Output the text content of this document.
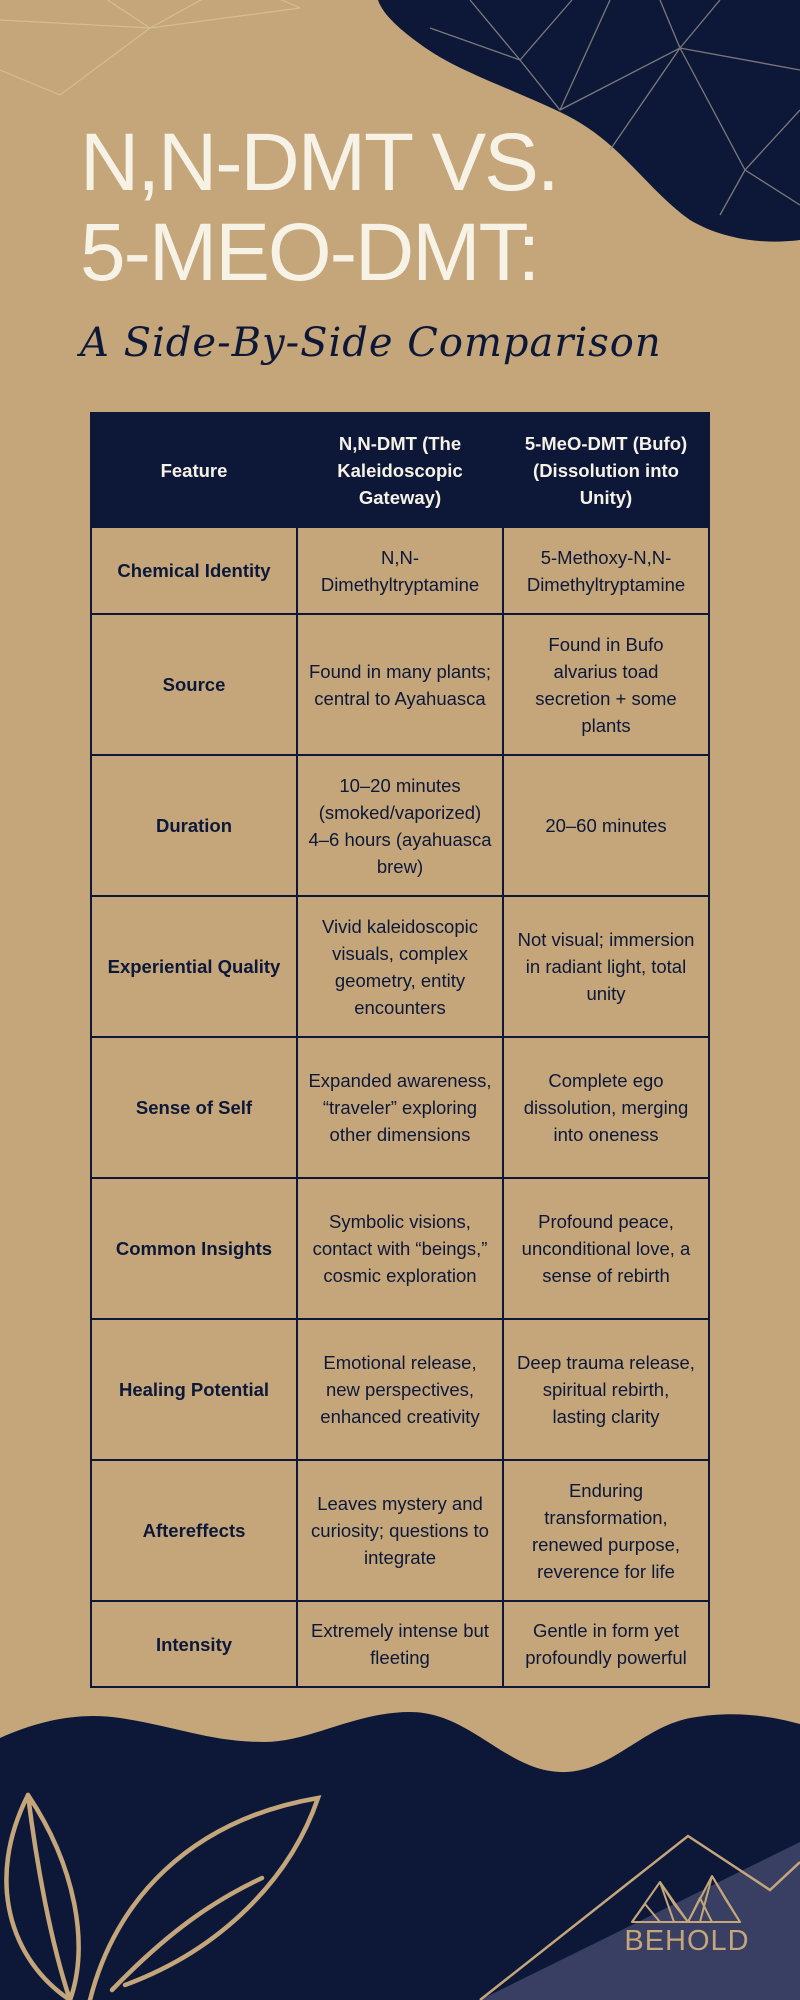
N,N-DMT VS.
5-MEO-DMT:

A Side-By-Side Comparison

Feature	N,N-DMT (The Kaleidoscopic Gateway)	5-MeO-DMT (Bufo) (Dissolution into Unity)
Chemical Identity	N,N-Dimethyltryptamine	5-Methoxy-N,N-Dimethyltryptamine
Source	Found in many plants; central to Ayahuasca	Found in Bufo alvarius toad secretion + some plants
Duration	10–20 minutes (smoked/vaporized) 4–6 hours (ayahuasca brew)	20–60 minutes
Experiential Quality	Vivid kaleidoscopic visuals, complex geometry, entity encounters	Not visual; immersion in radiant light, total unity
Sense of Self	Expanded awareness, “traveler” exploring other dimensions	Complete ego dissolution, merging into oneness
Common Insights	Symbolic visions, contact with “beings,” cosmic exploration	Profound peace, unconditional love, a sense of rebirth
Healing Potential	Emotional release, new perspectives, enhanced creativity	Deep trauma release, spiritual rebirth, lasting clarity
Aftereffects	Leaves mystery and curiosity; questions to integrate	Enduring transformation, renewed purpose, reverence for life
Intensity	Extremely intense but fleeting	Gentle in form yet profoundly powerful
BEHOLD
